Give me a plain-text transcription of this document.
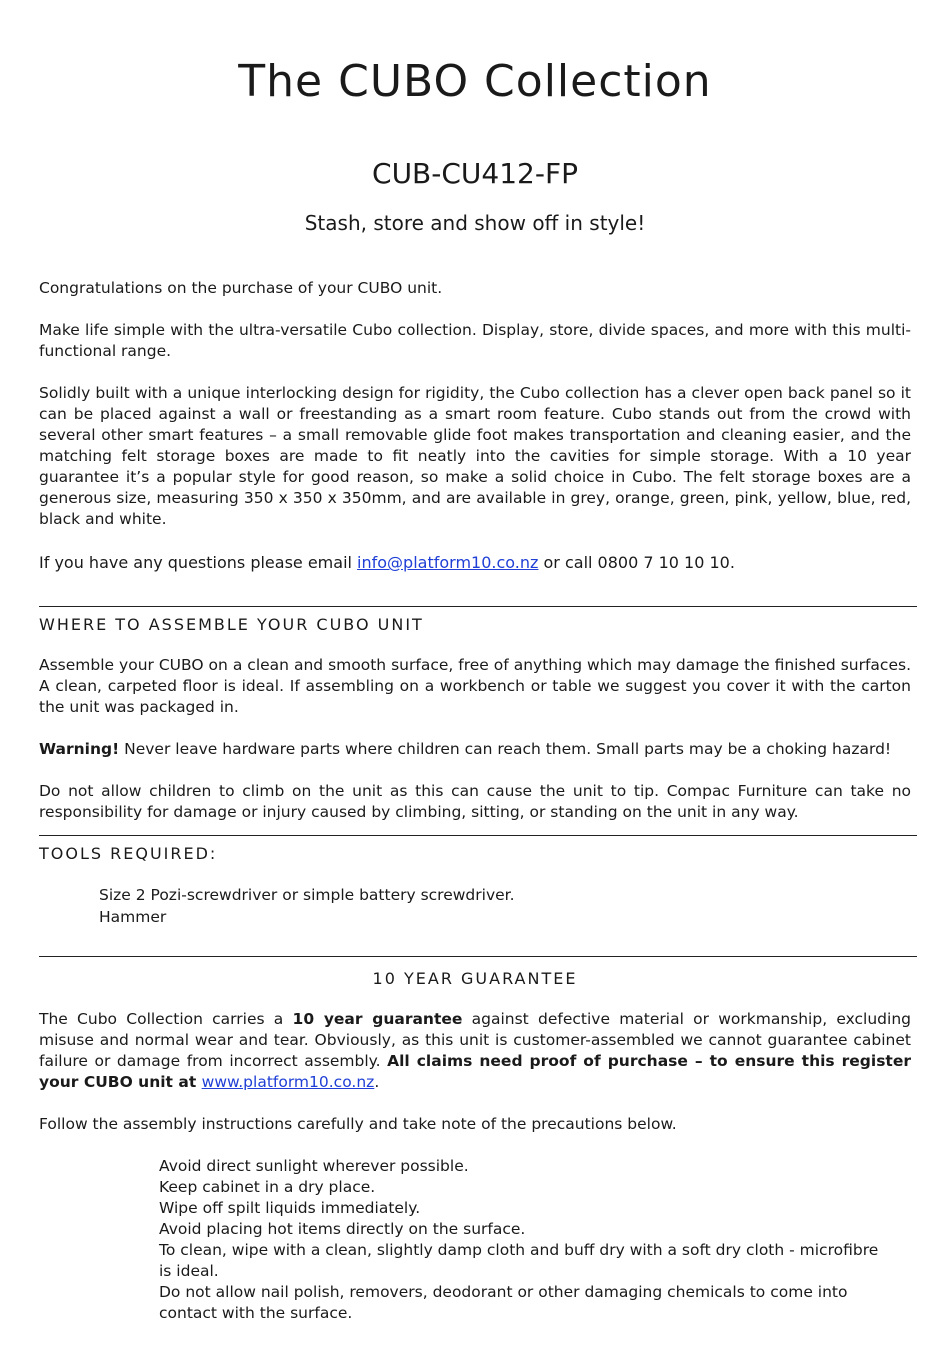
The CUBO Collection
CUB-CU412-FP

Stash, store and show off in style!

Congratulations on the purchase of your CUBO unit.

Make life simple with the ultra-versatile Cubo collection. Display, store, divide spaces, and more with this multi-functional range.

Solidly built with a unique interlocking design for rigidity, the Cubo collection has a clever open back panel so it can be placed against a wall or freestanding as a smart room feature. Cubo stands out from the crowd with several other smart features – a small removable glide foot makes transportation and cleaning easier, and the matching felt storage boxes are made to fit neatly into the cavities for simple storage. With a 10 year guarantee it’s a popular style for good reason, so make a solid choice in Cubo. The felt storage boxes are a generous size, measuring 350 x 350 x 350mm, and are available in grey, orange, green, pink, yellow, blue, red, black and white.

If you have any questions please email info@platform10.co.nz or call 0800 7 10 10 10.

WHERE TO ASSEMBLE YOUR CUBO UNIT

Assemble your CUBO on a clean and smooth surface, free of anything which may damage the finished surfaces. A clean, carpeted floor is ideal. If assembling on a workbench or table we suggest you cover it with the carton the unit was packaged in.

Warning! Never leave hardware parts where children can reach them. Small parts may be a choking hazard!

Do not allow children to climb on the unit as this can cause the unit to tip. Compac Furniture can take no responsibility for damage or injury caused by climbing, sitting, or standing on the unit in any way.

TOOLS REQUIRED:
Size 2 Pozi-screwdriver or simple battery screwdriver.
Hammer
10 YEAR GUARANTEE

The Cubo Collection carries a 10 year guarantee against defective material or workmanship, excluding misuse and normal wear and tear. Obviously, as this unit is customer-assembled we cannot guarantee cabinet failure or damage from incorrect assembly. All claims need proof of purchase – to ensure this register your CUBO unit at www.platform10.co.nz.

Follow the assembly instructions carefully and take note of the precautions below.

Avoid direct sunlight wherever possible.
Keep cabinet in a dry place.
Wipe off spilt liquids immediately.
Avoid placing hot items directly on the surface.
To clean, wipe with a clean, slightly damp cloth and buff dry with a soft dry cloth - microfibre is ideal.
Do not allow nail polish, removers, deodorant or other damaging chemicals to come into contact with the surface.
